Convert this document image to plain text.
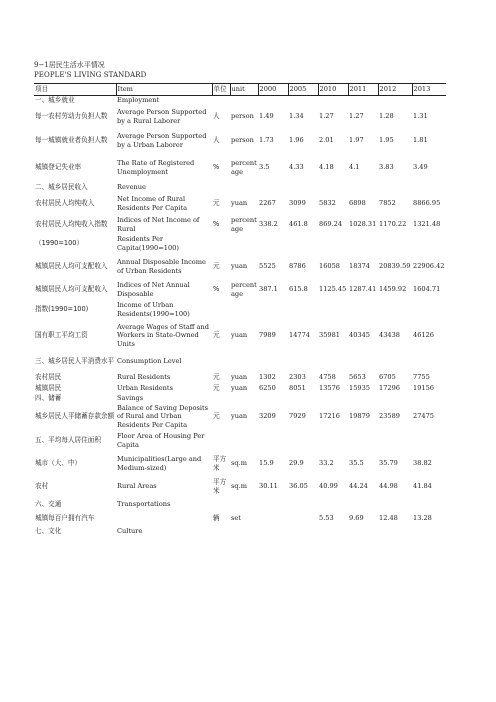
9−1居民生活水平情况
PEOPLE'S LIVING STANDARD
项目	Item	单位	unit	2000	2005	2010	2011	2012	2013
一、城乡就业	Employment								
每一农村劳动力负担人数	Average Person Supported by a Rural Laborer	人	person	1.49	1.34	1.27	1.27	1.28	1.31
每一城镇就业者负担人数	Average Person Supported by a Urban Laborer	人	person	1.73	1.96	2.01	1.97	1.95	1.81
城镇登记失业率	The Rate of Registered Unemployment	%	percentage	3.5	4.33	4.18	4.1	3.83	3.49
二、城乡居民收入	Revenue								
农村居民人均纯收入	Net Income of Rural Residents Per Capita	元	yuan	2267	3099	5832	6898	7852	8866.95
农村居民人均纯收入指数	Indices of Net Income of Rural	%	percentage	338.2	461.8	869.24	1028.31	1170.22	1321.48
（1990=100）	Residents Per Capita(1990=100)								
城镇居民人均可支配收入	Annual Disposable Income of Urban Residents	元	yuan	5525	8786	16058	18374	20839.59	22906.42
城镇居民人均可支配收入	Indices of Net Annual Disposable	%	percentage	387.1	615.8	1125.45	1287.41	1459.92	1604.71
指数(1990=100)	Income of Urban Residents(1990=100)								
国有职工平均工资	Average Wages of Staff and Workers in State-Owned Units	元	yuan	7989	14774	35981	40345	43438	46126
三、城乡居民人平消费水平	Consumption Level								
农村居民	Rural Residents	元	yuan	1302	2303	4758	5653	6705	7755
城镇居民	Urban Residents	元	yuan	6250	8051	13576	15935	17296	19156
四、储蓄	Savings								
城乡居民人平储蓄存款余额	Balance of Saving Deposits of Rural and Urban Residents Per Capita	元	yuan	3209	7929	17216	19879	23589	27475
五、平均每人居住面积	Floor Area of Housing Per Capita								
城市（大、中）	Municipalities(Large and Medium-sized)	平方米	sq.m	15.9	29.9	33.2	35.5	35.79	38.82
农村	Rural Areas	平方米	sq.m	30.11	36.05	40.99	44.24	44.98	41.84
六、交通	Transportations								
城镇每百户拥有汽车		辆	set			5.53	9.69	12.48	13.28
七、文化	Culture								
